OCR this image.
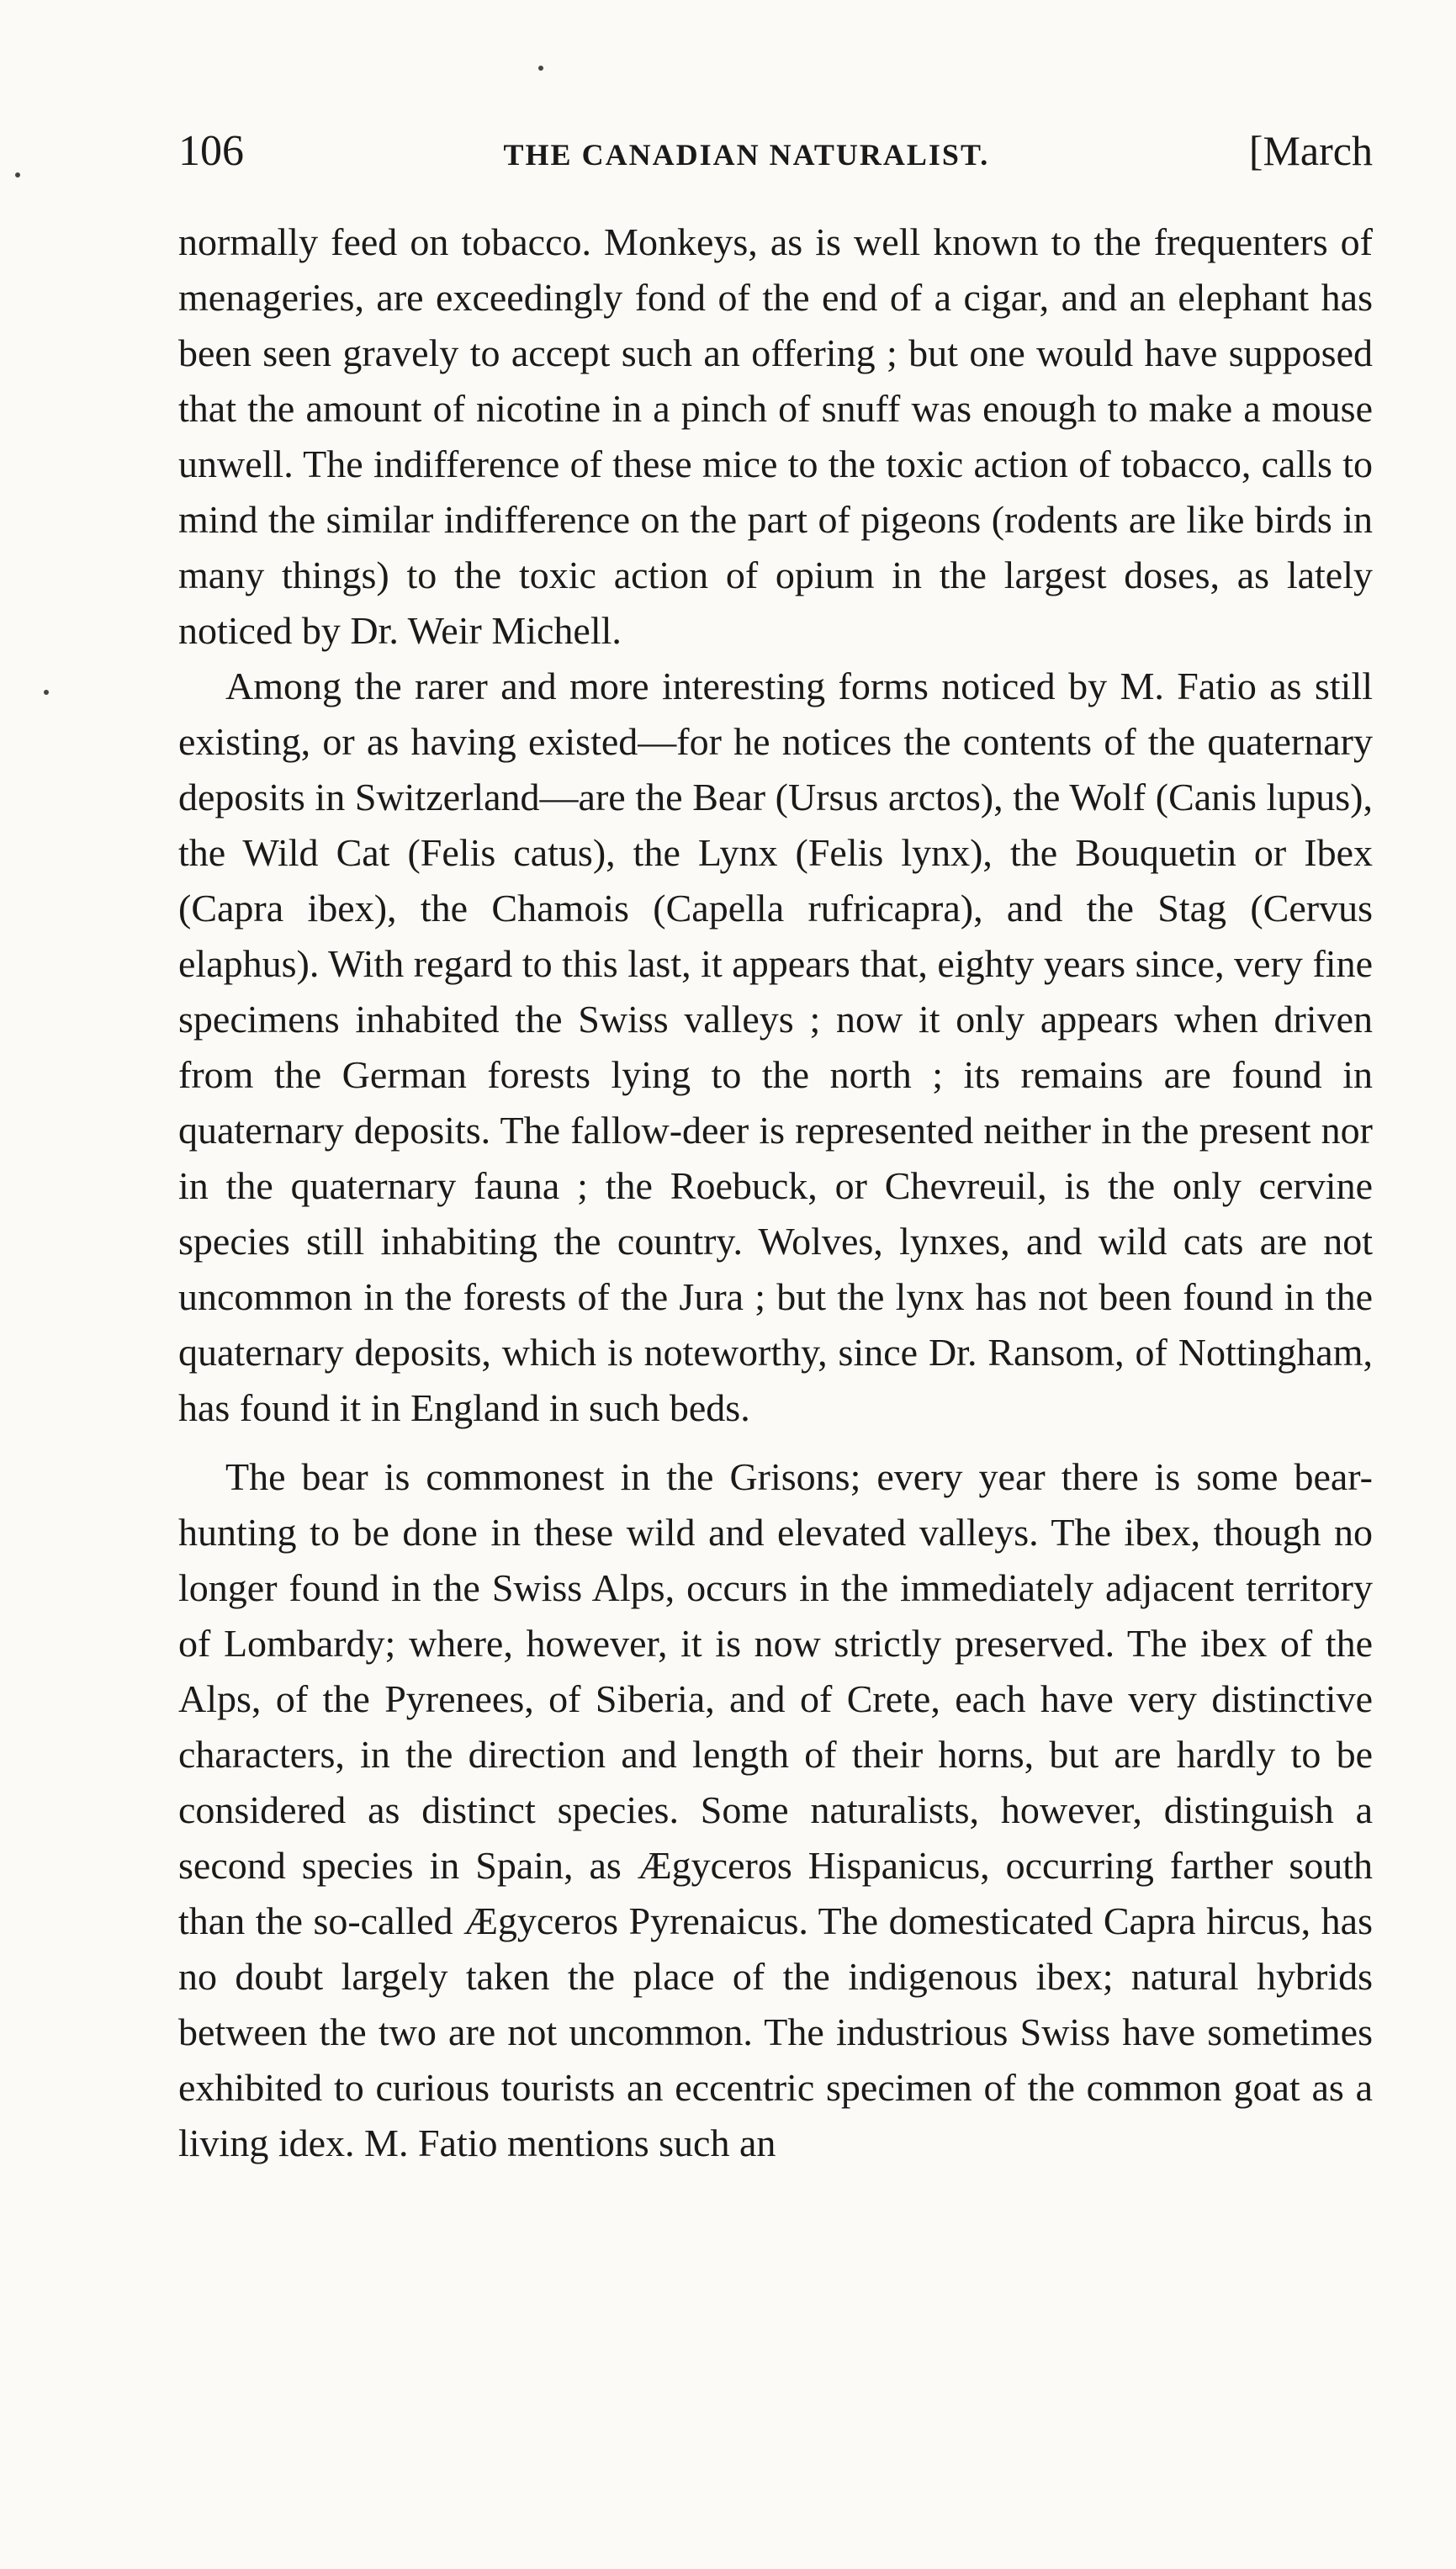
106	THE CANADIAN NATURALIST.	[March

normally feed on tobacco. Monkeys, as is well known to the frequenters of menageries, are exceedingly fond of the end of a cigar, and an elephant has been seen gravely to accept such an offering ; but one would have supposed that the amount of nicotine in a pinch of snuff was enough to make a mouse unwell. The indifference of these mice to the toxic action of tobacco, calls to mind the similar indifference on the part of pigeons (rodents are like birds in many things) to the toxic action of opium in the largest doses, as lately noticed by Dr. Weir Michell.

Among the rarer and more interesting forms noticed by M. Fatio as still existing, or as having existed—for he notices the contents of the quaternary deposits in Switzerland—are the Bear (Ursus arctos), the Wolf (Canis lupus), the Wild Cat (Felis catus), the Lynx (Felis lynx), the Bouquetin or Ibex (Capra ibex), the Chamois (Capella rufricapra), and the Stag (Cervus elaphus). With regard to this last, it appears that, eighty years since, very fine specimens inhabited the Swiss valleys ; now it only appears when driven from the German forests lying to the north ; its remains are found in quaternary deposits. The fallow-deer is represented neither in the present nor in the quaternary fauna ; the Roebuck, or Chevreuil, is the only cervine species still inhabiting the country. Wolves, lynxes, and wild cats are not uncommon in the forests of the Jura ; but the lynx has not been found in the quaternary deposits, which is noteworthy, since Dr. Ransom, of Nottingham, has found it in England in such beds.

The bear is commonest in the Grisons; every year there is some bear-hunting to be done in these wild and elevated valleys. The ibex, though no longer found in the Swiss Alps, occurs in the immediately adjacent territory of Lombardy; where, however, it is now strictly preserved. The ibex of the Alps, of the Pyrenees, of Siberia, and of Crete, each have very distinctive characters, in the direction and length of their horns, but are hardly to be considered as distinct species. Some naturalists, however, distinguish a second species in Spain, as Ægyceros Hispanicus, occurring farther south than the so-called Ægyceros Pyrenaicus. The domesticated Capra hircus, has no doubt largely taken the place of the indigenous ibex; natural hybrids between the two are not uncommon. The industrious Swiss have sometimes exhibited to curious tourists an eccentric specimen of the common goat as a living idex. M. Fatio mentions such an
